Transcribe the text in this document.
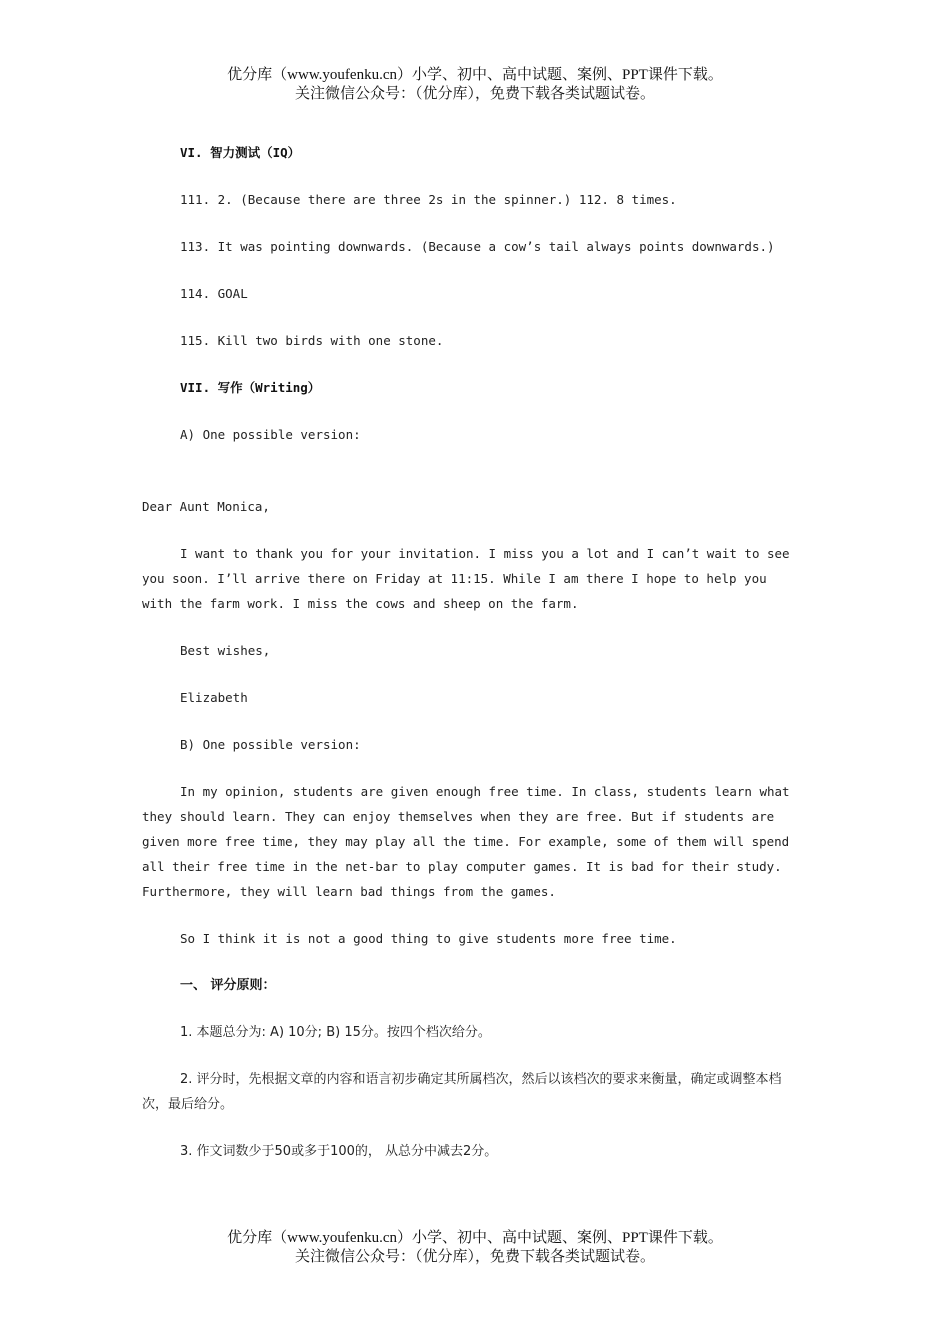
优分库（www.youfenku.cn）小学、初中、高中试题、案例、PPT课件下载。
关注微信公众号：（优分库），免费下载各类试题试卷。

VI. 智力测试（IQ）

111. 2. (Because there are three 2s in the spinner.) 112. 8 times.

113. It was pointing downwards. (Because a cow’s tail always points downwards.)

114. GOAL

115. Kill two birds with one stone.

VII. 写作（Writing）

A) One possible version:

Dear Aunt Monica,

I want to thank you for your invitation. I miss you a lot and I can’t wait to see you soon. I’ll arrive there on Friday at 11:15. While I am there I hope to help you with the farm work. I miss the cows and sheep on the farm.

Best wishes,

Elizabeth

B) One possible version:

In my opinion, students are given enough free time. In class, students learn what they should learn. They can enjoy themselves when they are free. But if students are given more free time, they may play all the time. For example, some of them will spend all their free time in the net-bar to play computer games. It is bad for their study. Furthermore, they will learn bad things from the games.

So I think it is not a good thing to give students more free time.

一、 评分原则：

1. 本题总分为: A) 10分; B) 15分。按四个档次给分。

2. 评分时，先根据文章的内容和语言初步确定其所属档次，然后以该档次的要求来衡量，确定或调整本档次，最后给分。

3. 作文词数少于50或多于100的， 从总分中减去2分。

优分库（www.youfenku.cn）小学、初中、高中试题、案例、PPT课件下载。
关注微信公众号：（优分库），免费下载各类试题试卷。
